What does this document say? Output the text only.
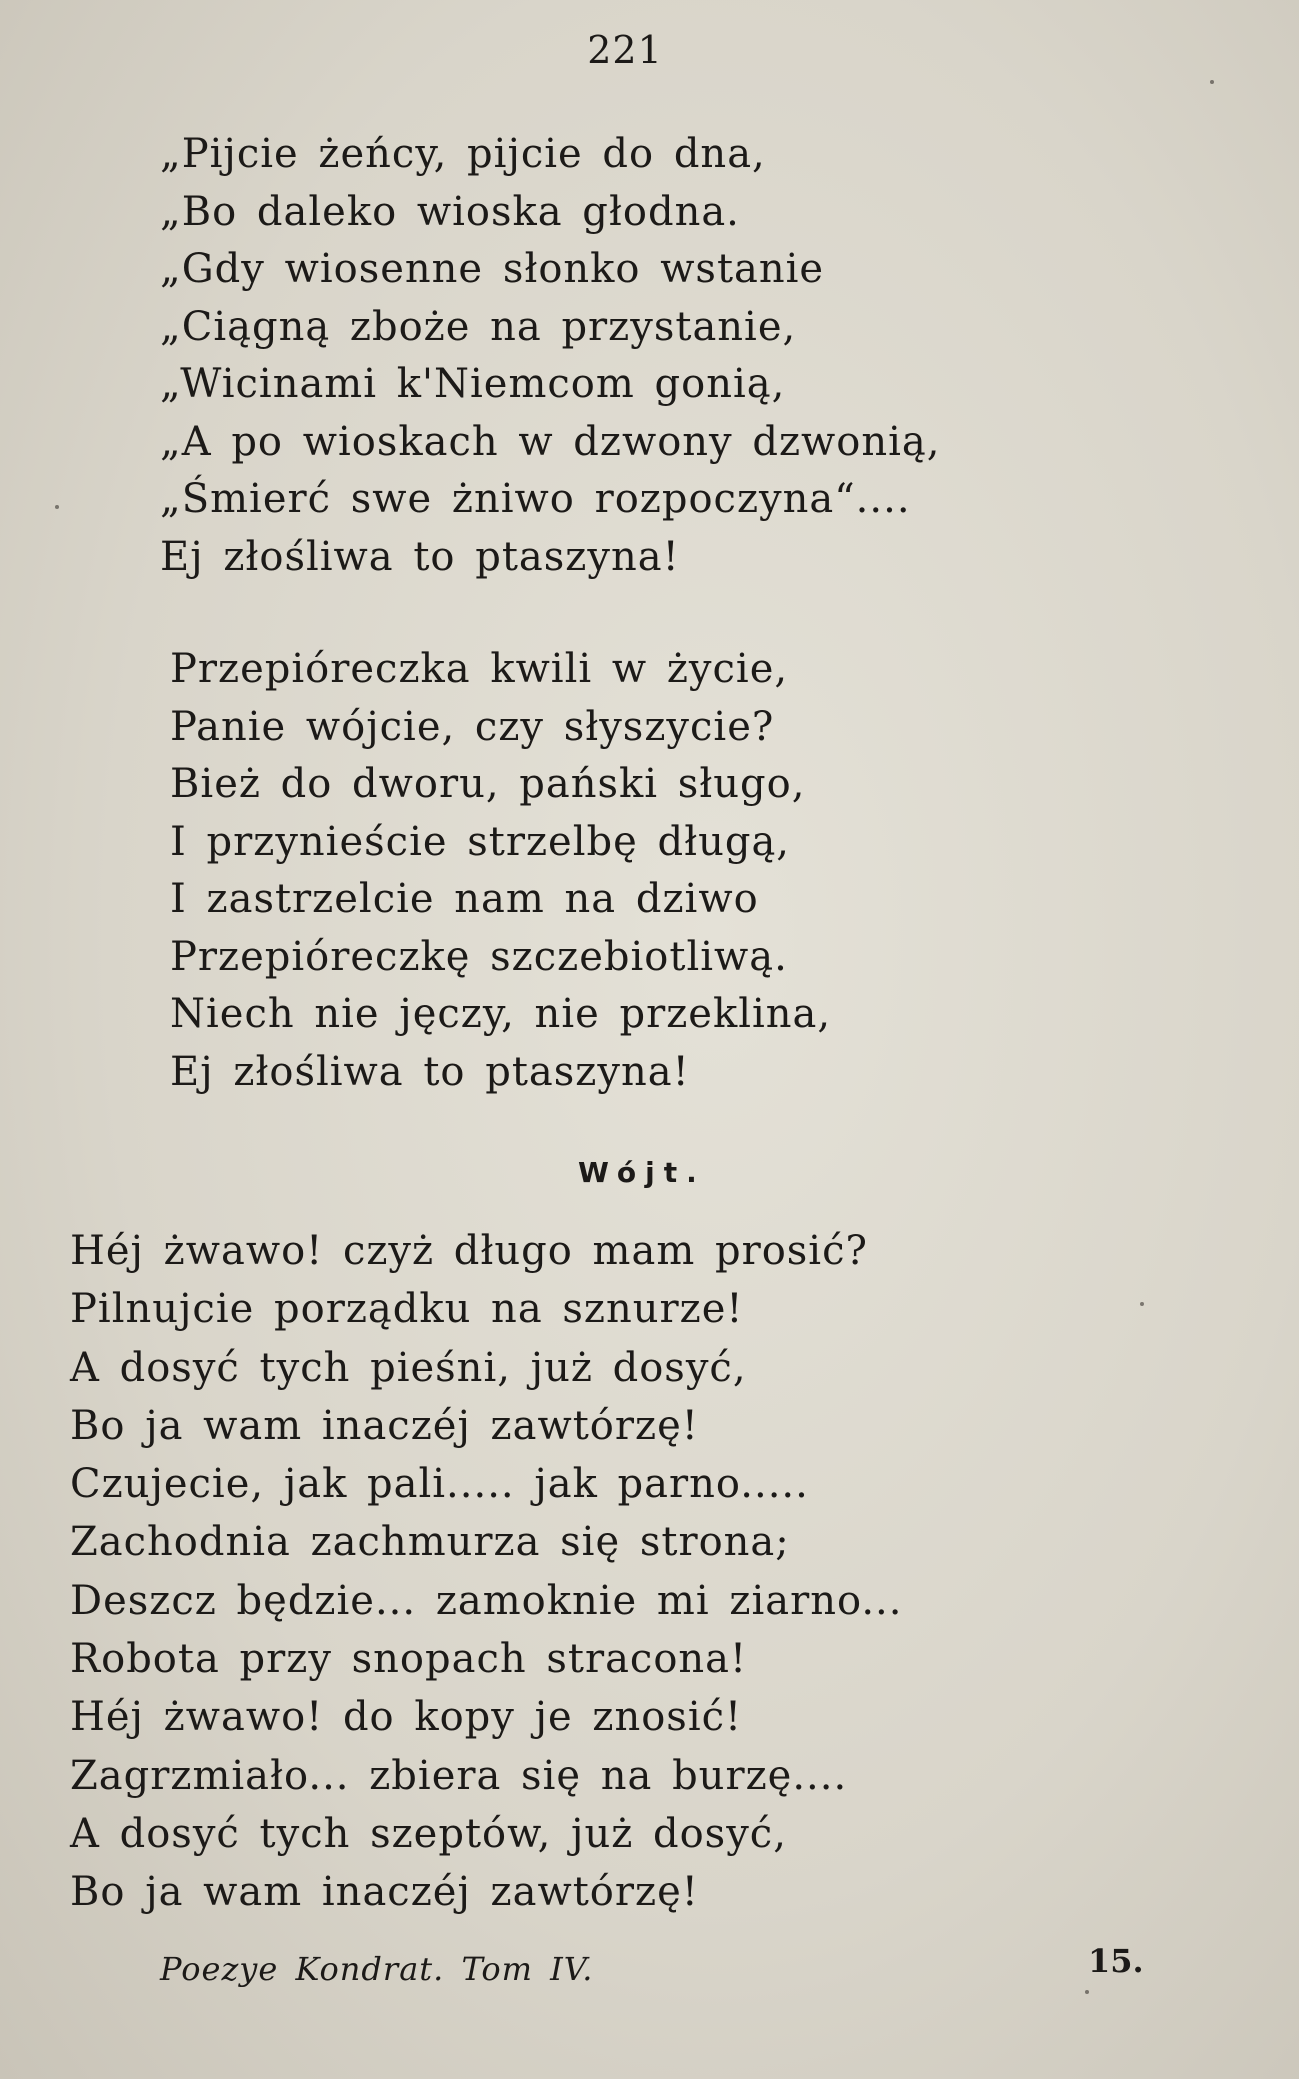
221
„Pijcie żeńcy, pijcie do dna,
„Bo daleko wioska głodna.
„Gdy wiosenne słonko wstanie
„Ciągną zboże na przystanie,
„Wicinami k'Niemcom gonią,
„A po wioskach w dzwony dzwonią,
„Śmierć swe żniwo rozpoczyna“....
Ej złośliwa to ptaszyna!
Przepióreczka kwili w życie,
Panie wójcie, czy słyszycie?
Bież do dworu, pański sługo,
I przynieście strzelbę długą,
I zastrzelcie nam na dziwo
Przepióreczkę szczebiotliwą.
Niech nie jęczy, nie przeklina,
Ej złośliwa to ptaszyna!
Wójt.
Héj żwawo! czyż długo mam prosić?
Pilnujcie porządku na sznurze!
A dosyć tych pieśni, już dosyć,
Bo ja wam inaczéj zawtórzę!
Czujecie, jak pali..... jak parno.....
Zachodnia zachmurza się strona;
Deszcz będzie... zamoknie mi ziarno...
Robota przy snopach stracona!
Héj żwawo! do kopy je znosić!
Zagrzmiało... zbiera się na burzę....
A dosyć tych szeptów, już dosyć,
Bo ja wam inaczéj zawtórzę!
Poezye Kondrat. Tom IV.	15.
